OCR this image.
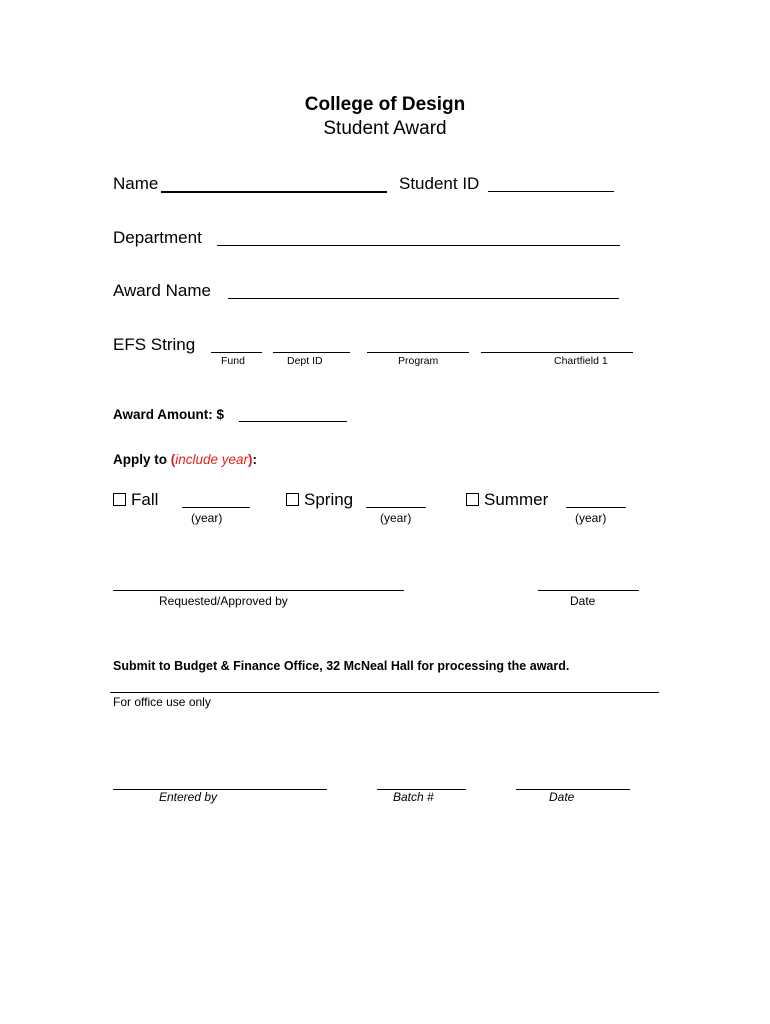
College of Design
Student Award
Name	Student ID
Department
Award Name
EFS String
Fund	Dept ID	Program	Chartfield 1
Award Amount: $
Apply to (include year):
Fall
(year)
Spring
(year)
Summer
(year)
Requested/Approved by	Date
Submit to Budget & Finance Office, 32 McNeal Hall for processing the award.
For office use only
Entered by	Batch #	Date
